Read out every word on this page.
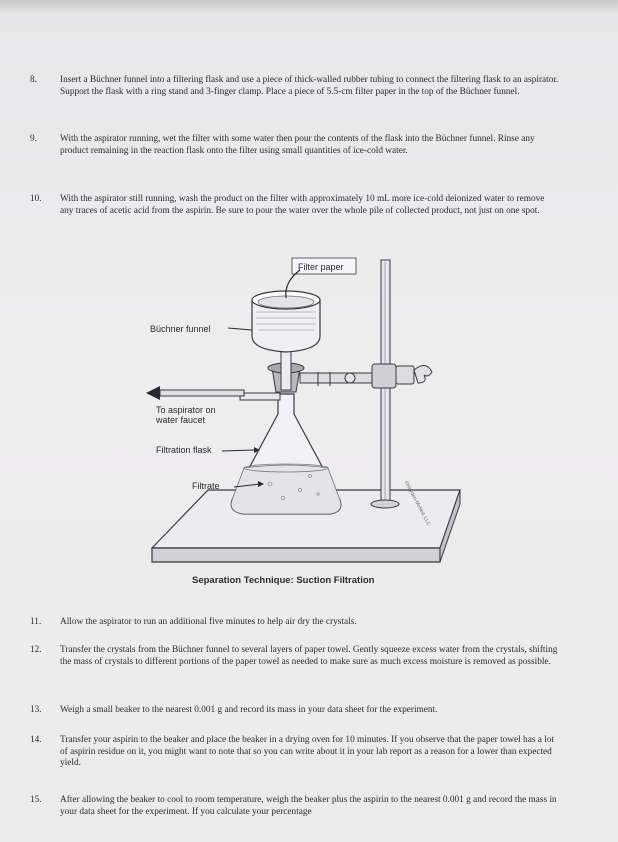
8. Insert a Büchner funnel into a filtering flask and use a piece of thick-walled rubber tubing to connect the filtering flask to an aspirator. Support the flask with a ring stand and 3-finger clamp. Place a piece of 5.5-cm filter paper in the top of the Büchner funnel.
9. With the aspirator running, wet the filter with some water then pour the contents of the flask into the Büchner funnel. Rinse any product remaining in the reaction flask onto the filter using small quantities of ice-cold water.
10. With the aspirator still running, wash the product on the filter with approximately 10 mL more ice-cold deionized water to remove any traces of acetic acid from the aspirin. Be sure to pour the water over the whole pile of collected product, not just on one spot.
Filter paper
Büchner funnel
To aspirator on
water faucet
Filtration flask
Filtrate	©Hayden-McNeil, LLC
Separation Technique: Suction Filtration
11. Allow the aspirator to run an additional five minutes to help air dry the crystals.
12. Transfer the crystals from the Büchner funnel to several layers of paper towel. Gently squeeze excess water from the crystals, shifting the mass of crystals to different portions of the paper towel as needed to make sure as much excess moisture is removed as possible.
13. Weigh a small beaker to the nearest 0.001 g and record its mass in your data sheet for the experiment.
14. Transfer your aspirin to the beaker and place the beaker in a drying oven for 10 minutes. If you observe that the paper towel has a lot of aspirin residue on it, you might want to note that so you can write about it in your lab report as a reason for a lower than expected yield.
15. After allowing the beaker to cool to room temperature, weigh the beaker plus the aspirin to the nearest 0.001 g and record the mass in your data sheet for the experiment. If you calculate your percentage
